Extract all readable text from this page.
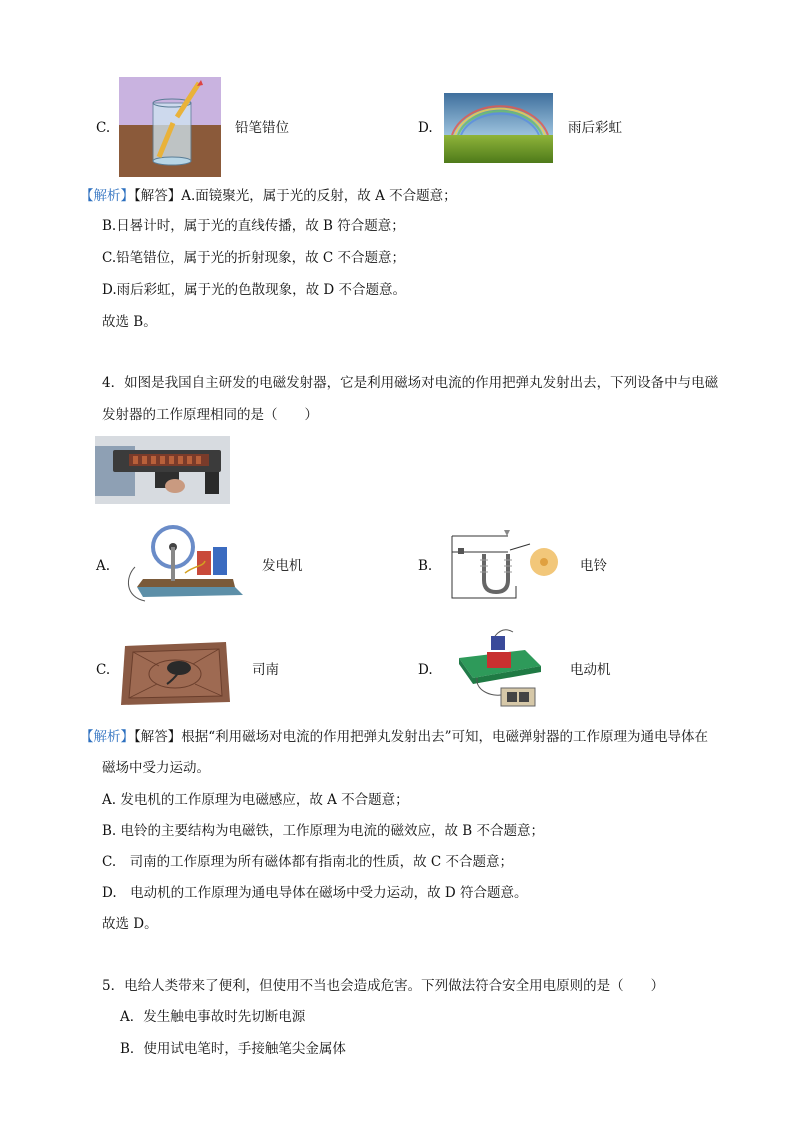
C.	铅笔错位	D.	雨后彩虹
【解析】【解答】A.面镜聚光，属于光的反射，故 A 不合题意；
B.日晷计时，属于光的直线传播，故 B 符合题意；
C.铅笔错位，属于光的折射现象，故 C 不合题意；
D.雨后彩虹，属于光的色散现象，故 D 不合题意。
故选 B。
4．如图是我国自主研发的电磁发射器，它是利用磁场对电流的作用把弹丸发射出去，下列设备中与电磁
发射器的工作原理相同的是（　　）
A.	发电机	B.	电铃
C.	司南	D.	电动机
【解析】【解答】根据“利用磁场对电流的作用把弹丸发射出去”可知，电磁弹射器的工作原理为通电导体在
磁场中受力运动。
A. 发电机的工作原理为电磁感应，故 A 不合题意；
B. 电铃的主要结构为电磁铁，工作原理为电流的磁效应，故 B 不合题意；
C.　司南的工作原理为所有磁体都有指南北的性质，故 C 不合题意；
D.　电动机的工作原理为通电导体在磁场中受力运动，故 D 符合题意。
故选 D。
5．电给人类带来了便利，但使用不当也会造成危害。下列做法符合安全用电原则的是（　　）
A．发生触电事故时先切断电源
B．使用试电笔时，手接触笔尖金属体
